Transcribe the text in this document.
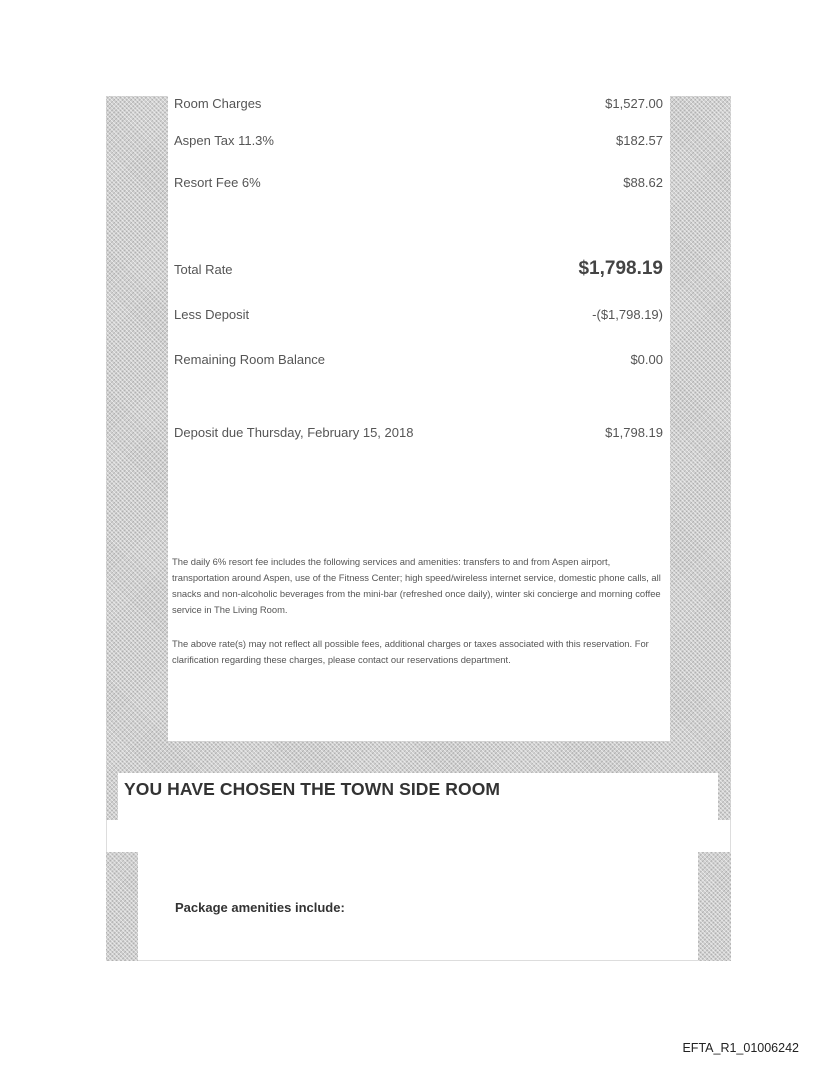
Room Charges	$1,527.00
Aspen Tax 11.3%	$182.57
Resort Fee 6%	$88.62
Total Rate	$1,798.19
Less Deposit	-($1,798.19)
Remaining Room Balance	$0.00
Deposit due Thursday, February 15, 2018	$1,798.19

The daily 6% resort fee includes the following services and amenities: transfers to and from Aspen airport, transportation around Aspen, use of the Fitness Center; high speed/wireless internet service, domestic phone calls, all snacks and non-alcoholic beverages from the mini-bar (refreshed once daily), winter ski concierge and morning coffee service in The Living Room.

The above rate(s) may not reflect all possible fees, additional charges or taxes associated with this reservation. For clarification regarding these charges, please contact our reservations department.

YOU HAVE CHOSEN THE TOWN SIDE ROOM
Package amenities include:
EFTA_R1_01006242
